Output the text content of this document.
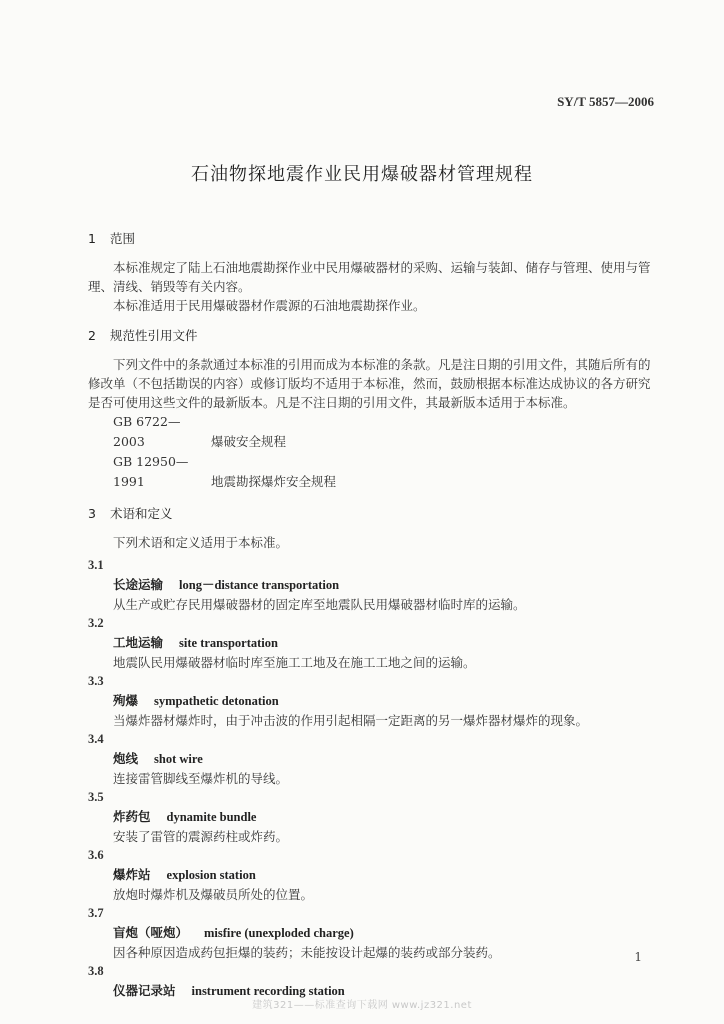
SY/T 5857—2006
石油物探地震作业民用爆破器材管理规程
1 范围

本标准规定了陆上石油地震勘探作业中民用爆破器材的采购、运输与装卸、储存与管理、使用与管理、清线、销毁等有关内容。

本标准适用于民用爆破器材作震源的石油地震勘探作业。

2 规范性引用文件

下列文件中的条款通过本标准的引用而成为本标准的条款。凡是注日期的引用文件，其随后所有的修改单（不包括勘误的内容）或修订版均不适用于本标准，然而，鼓励根据本标准达成协议的各方研究是否可使用这些文件的最新版本。凡是不注日期的引用文件，其最新版本适用于本标准。

GB 6722—2003	爆破安全规程
GB 12950—1991	地震勘探爆炸安全规程
3 术语和定义

下列术语和定义适用于本标准。

3.1
长途运输 long－distance transportation
从生产或贮存民用爆破器材的固定库至地震队民用爆破器材临时库的运输。
3.2
工地运输 site transportation
地震队民用爆破器材临时库至施工工地及在施工工地之间的运输。
3.3
殉爆 sympathetic detonation
当爆炸器材爆炸时，由于冲击波的作用引起相隔一定距离的另一爆炸器材爆炸的现象。
3.4
炮线 shot wire
连接雷管脚线至爆炸机的导线。
3.5
炸药包 dynamite bundle
安装了雷管的震源药柱或炸药。
3.6
爆炸站 explosion station
放炮时爆炸机及爆破员所处的位置。
3.7
盲炮（哑炮） misfire (unexploded charge)
因各种原因造成药包拒爆的装药；未能按设计起爆的装药或部分装药。
3.8
仪器记录站 instrument recording station
1
建筑321——标准查询下载网 www.jz321.net
